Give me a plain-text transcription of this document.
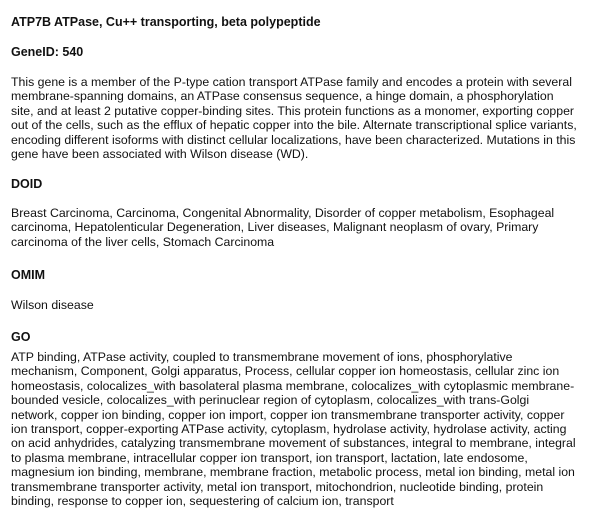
ATP7B ATPase, Cu++ transporting, beta polypeptide
GeneID: 540
This gene is a member of the P-type cation transport ATPase family and encodes a protein with several
membrane-spanning domains, an ATPase consensus sequence, a hinge domain, a phosphorylation
site, and at least 2 putative copper-binding sites. This protein functions as a monomer, exporting copper
out of the cells, such as the efflux of hepatic copper into the bile. Alternate transcriptional splice variants,
encoding different isoforms with distinct cellular localizations, have been characterized. Mutations in this
gene have been associated with Wilson disease (WD).
DOID
Breast Carcinoma, Carcinoma, Congenital Abnormality, Disorder of copper metabolism, Esophageal
carcinoma, Hepatolenticular Degeneration, Liver diseases, Malignant neoplasm of ovary, Primary
carcinoma of the liver cells, Stomach Carcinoma
OMIM
Wilson disease
GO
ATP binding, ATPase activity, coupled to transmembrane movement of ions, phosphorylative
mechanism, Component, Golgi apparatus, Process, cellular copper ion homeostasis, cellular zinc ion
homeostasis, colocalizes_with basolateral plasma membrane, colocalizes_with cytoplasmic membrane-
bounded vesicle, colocalizes_with perinuclear region of cytoplasm, colocalizes_with trans-Golgi
network, copper ion binding, copper ion import, copper ion transmembrane transporter activity, copper
ion transport, copper-exporting ATPase activity, cytoplasm, hydrolase activity, hydrolase activity, acting
on acid anhydrides, catalyzing transmembrane movement of substances, integral to membrane, integral
to plasma membrane, intracellular copper ion transport, ion transport, lactation, late endosome,
magnesium ion binding, membrane, membrane fraction, metabolic process, metal ion binding, metal ion
transmembrane transporter activity, metal ion transport, mitochondrion, nucleotide binding, protein
binding, response to copper ion, sequestering of calcium ion, transport
